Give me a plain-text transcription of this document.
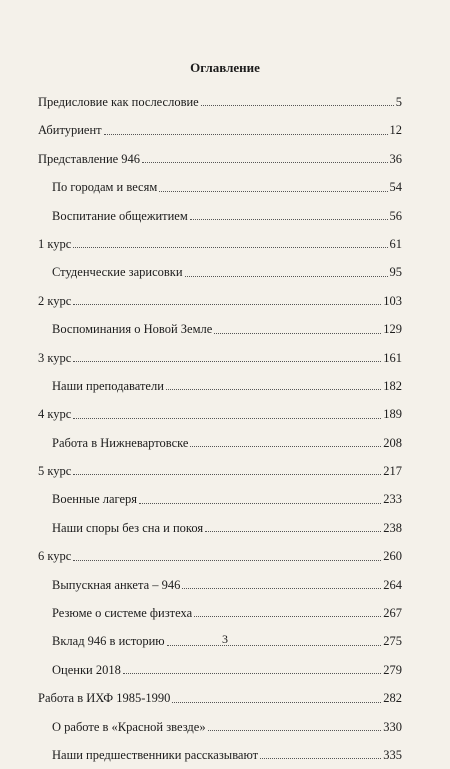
Оглавление
Предисловие как послесловие	5
Абитуриент	12
Представление 946	36
По городам и весям	54
Воспитание общежитием	56
1 курс	61
Студенческие зарисовки	95
2 курс	103
Воспоминания о Новой Земле	129
3 курс	161
Наши преподаватели	182
4 курс	189
Работа в Нижневартовске	208
5 курс	217
Военные лагеря	233
Наши споры без сна и покоя	238
6 курс	260
Выпускная анкета – 946	264
Резюме о системе физтеха	267
Вклад 946 в историю	275
Оценки 2018	279
Работа в ИХФ 1985-1990	282
О работе в «Красной звезде»	330
Наши предшественники рассказывают	335
3
